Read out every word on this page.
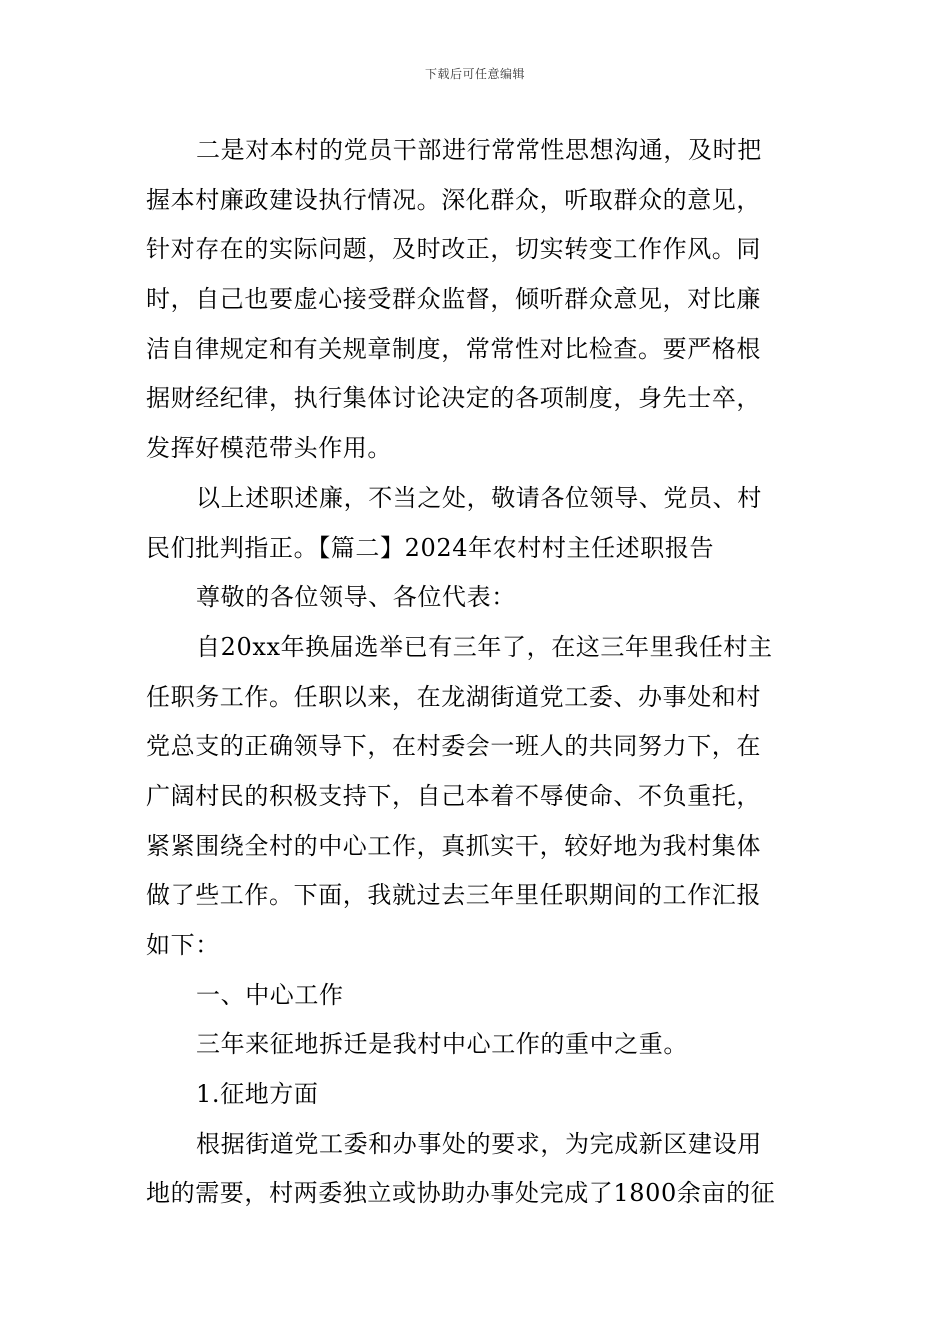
下载后可任意编辑
二是对本村的党员干部进行常常性思想沟通，及时把
握本村廉政建设执行情况。深化群众，听取群众的意见，
针对存在的实际问题，及时改正，切实转变工作作风。同
时，自己也要虚心接受群众监督，倾听群众意见，对比廉
洁自律规定和有关规章制度，常常性对比检查。要严格根
据财经纪律，执行集体讨论决定的各项制度，身先士卒，
发挥好模范带头作用。
以上述职述廉，不当之处，敬请各位领导、党员、村
民们批判指正。【篇二】2024年农村村主任述职报告
尊敬的各位领导、各位代表：
自20xx年换届选举已有三年了，在这三年里我任村主
任职务工作。任职以来，在龙湖街道党工委、办事处和村
党总支的正确领导下，在村委会一班人的共同努力下，在
广阔村民的积极支持下，自己本着不辱使命、不负重托，
紧紧围绕全村的中心工作，真抓实干，较好地为我村集体
做了些工作。下面，我就过去三年里任职期间的工作汇报
如下：
一、中心工作
三年来征地拆迁是我村中心工作的重中之重。
1.征地方面
根据街道党工委和办事处的要求，为完成新区建设用
地的需要，村两委独立或协助办事处完成了1800余亩的征
